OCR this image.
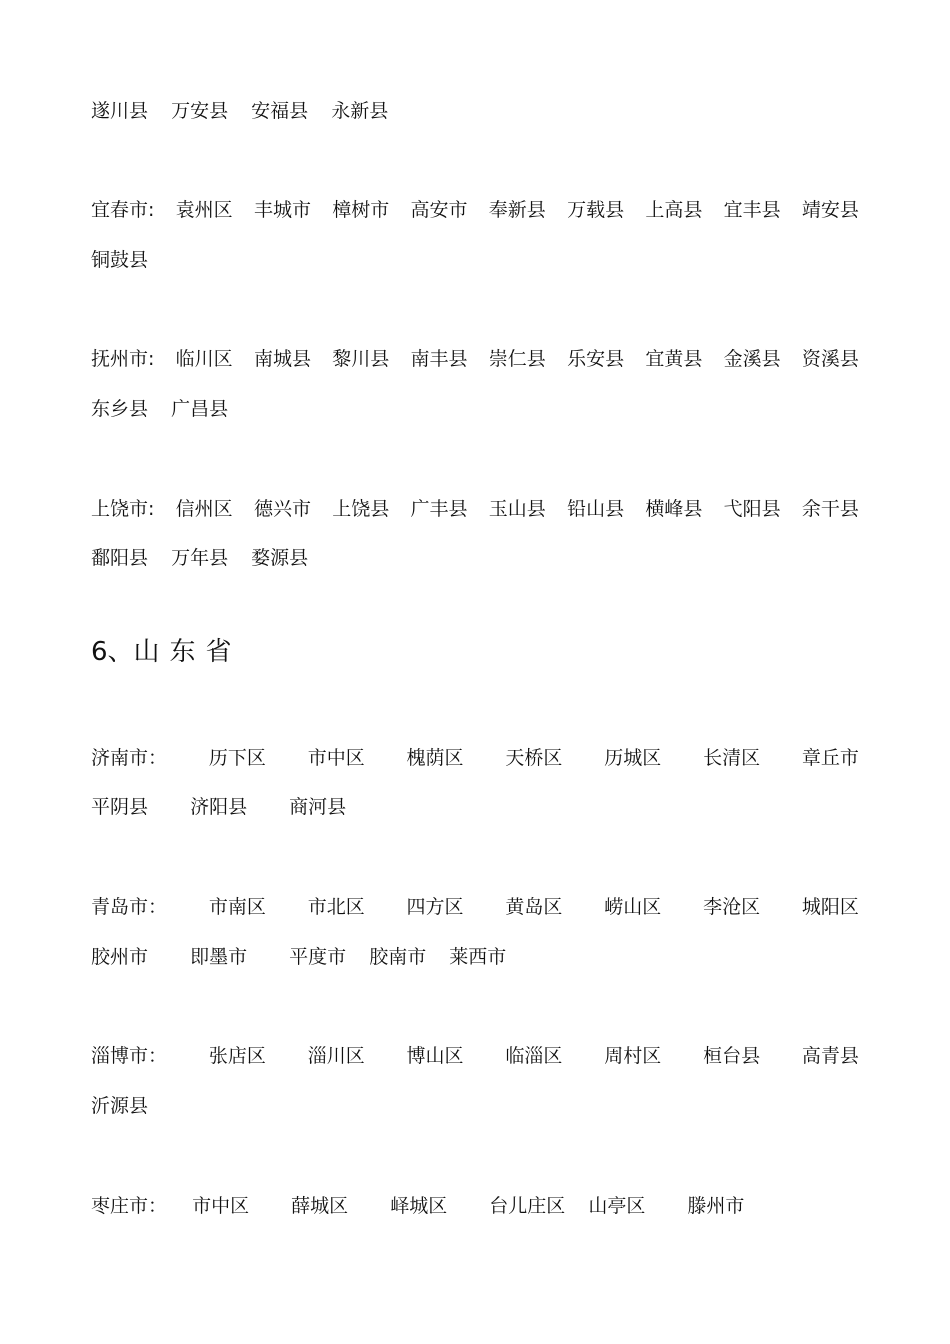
遂川县 万安县 安福县 永新县
宜春市: 袁州区 丰城市 樟树市 高安市 奉新县 万载县 上高县 宜丰县 靖安县
铜鼓县
抚州市: 临川区 南城县 黎川县 南丰县 崇仁县 乐安县 宜黄县 金溪县 资溪县
东乡县 广昌县
上饶市: 信州区 德兴市 上饶县 广丰县 玉山县 铅山县 横峰县 弋阳县 余干县
鄱阳县 万年县 婺源县
6、山东省
济南市： 历下区 市中区 槐荫区 天桥区 历城区 长清区 章丘市
平阴县 济阳县 商河县
青岛市： 市南区 市北区 四方区 黄岛区 崂山区 李沧区 城阳区
胶州市 即墨市 平度市 胶南市 莱西市
淄博市： 张店区 淄川区 博山区 临淄区 周村区 桓台县 高青县
沂源县
枣庄市： 市中区 薛城区 峄城区 台儿庄区 山亭区 滕州市
